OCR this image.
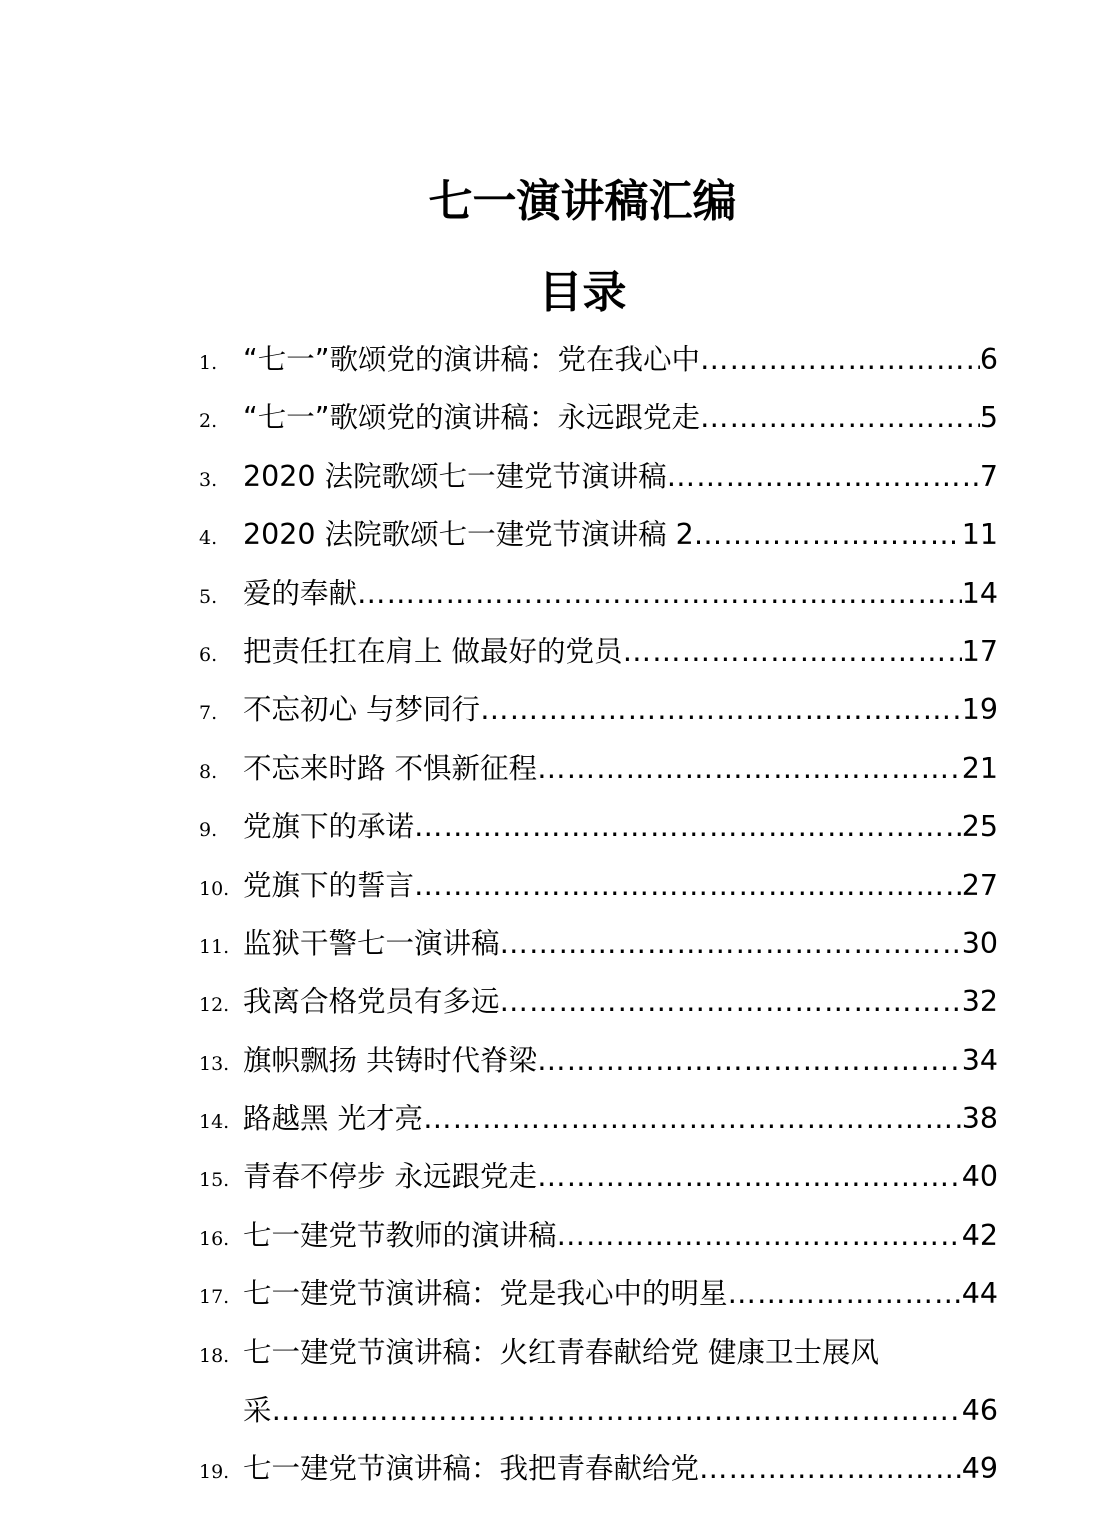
七一演讲稿汇编
目录
1. “七一”歌颂党的演讲稿：党在我心中 ……………………………………………………………………………………………………………………………………………………	6
2. “七一”歌颂党的演讲稿：永远跟党走 ……………………………………………………………………………………………………………………………………………………	5
3. 2020 法院歌颂七一建党节演讲稿 ……………………………………………………………………………………………………………………………………………………	7
4. 2020 法院歌颂七一建党节演讲稿 2 ……………………………………………………………………………………………………………………………………………………	11
5. 爱的奉献 ……………………………………………………………………………………………………………………………………………………	14
6. 把责任扛在肩上 做最好的党员 ……………………………………………………………………………………………………………………………………………………	17
7. 不忘初心 与梦同行 ……………………………………………………………………………………………………………………………………………………	19
8. 不忘来时路 不惧新征程 ……………………………………………………………………………………………………………………………………………………	21
9. 党旗下的承诺 ……………………………………………………………………………………………………………………………………………………	25
10. 党旗下的誓言 ……………………………………………………………………………………………………………………………………………………	27
11. 监狱干警七一演讲稿 ……………………………………………………………………………………………………………………………………………………	30
12. 我离合格党员有多远 ……………………………………………………………………………………………………………………………………………………	32
13. 旗帜飘扬 共铸时代脊梁 ……………………………………………………………………………………………………………………………………………………	34
14. 路越黑 光才亮 ……………………………………………………………………………………………………………………………………………………	38
15. 青春不停步 永远跟党走 ……………………………………………………………………………………………………………………………………………………	40
16. 七一建党节教师的演讲稿 ……………………………………………………………………………………………………………………………………………………	42
17. 七一建党节演讲稿：党是我心中的明星 ……………………………………………………………………………………………………………………………………………………	44
18. 七一建党节演讲稿：火红青春献给党 健康卫士展风
采 ……………………………………………………………………………………………………………………………………………………	46
19. 七一建党节演讲稿：我把青春献给党 ……………………………………………………………………………………………………………………………………………………	49
